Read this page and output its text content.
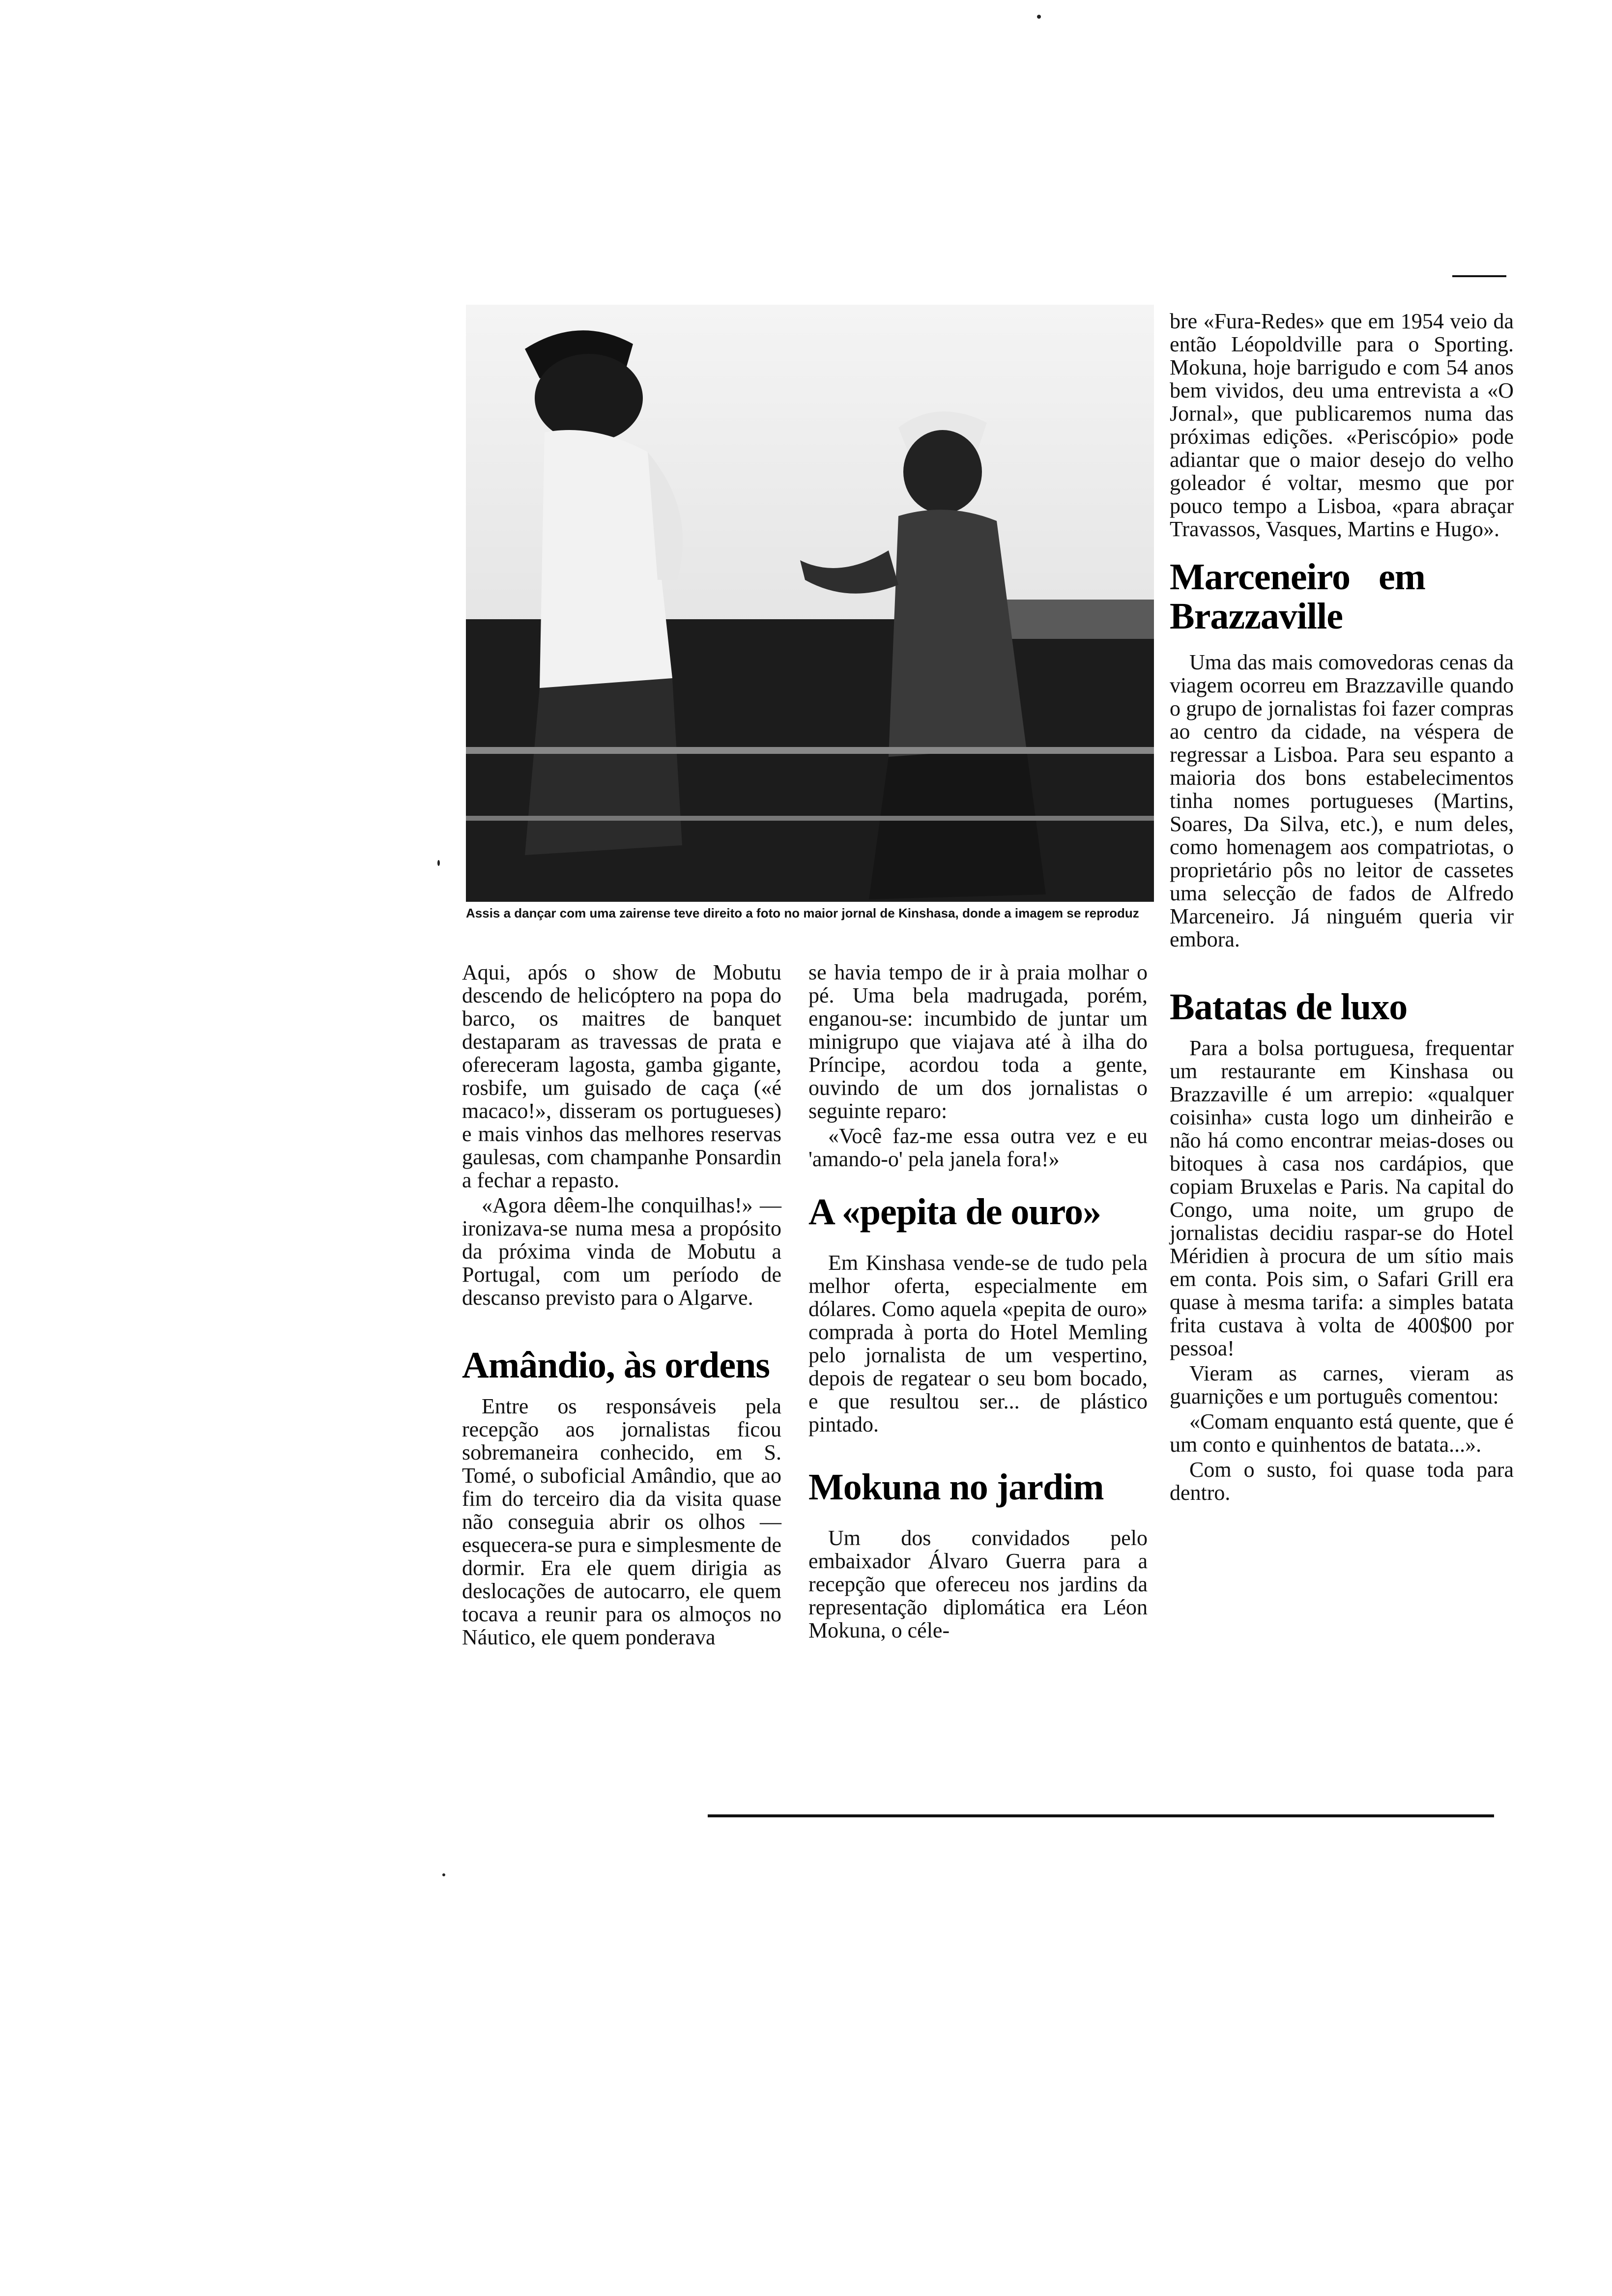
Assis a dançar com uma zairense teve direito a foto no maior jornal de Kinshasa, donde a imagem se reproduz

Aqui, após o show de Mobutu descendo de helicóptero na popa do barco, os maitres de banquet destaparam as travessas de prata e ofereceram lagosta, gamba gigante, rosbife, um guisado de caça («é macaco!», disseram os portugueses) e mais vinhos das melhores reservas gaulesas, com champanhe Ponsardin a fechar a repasto.

«Agora dêem-lhe conquilhas!» — ironizava-se numa mesa a propósito da próxima vinda de Mobutu a Portugal, com um período de descanso previsto para o Algarve.

Amândio, às ordens

Entre os responsáveis pela recepção aos jornalistas ficou sobremaneira conhecido, em S. Tomé, o suboficial Amândio, que ao fim do terceiro dia da visita quase não conseguia abrir os olhos — esquecera-se pura e simplesmente de dormir. Era ele quem dirigia as deslocações de autocarro, ele quem tocava a reunir para os almoços no Náutico, ele quem ponderava

se havia tempo de ir à praia molhar o pé. Uma bela madrugada, porém, enganou-se: incumbido de juntar um minigrupo que viajava até à ilha do Príncipe, acordou toda a gente, ouvindo de um dos jornalistas o seguinte reparo:

«Você faz-me essa outra vez e eu 'amando-o' pela janela fora!»

A «pepita de ouro»

Em Kinshasa vende-se de tudo pela melhor oferta, especialmente em dólares. Como aquela «pepita de ouro» comprada à porta do Hotel Memling pelo jornalista de um vespertino, depois de regatear o seu bom bocado, e que resultou ser... de plástico pintado.

Mokuna no jardim

Um dos convidados pelo embaixador Álvaro Guerra para a recepção que ofereceu nos jardins da representação diplomática era Léon Mokuna, o céle-

bre «Fura-Redes» que em 1954 veio da então Léopoldville para o Sporting. Mokuna, hoje barrigudo e com 54 anos bem vividos, deu uma entrevista a «O Jornal», que publicaremos numa das próximas edições. «Periscópio» pode adiantar que o maior desejo do velho goleador é voltar, mesmo que por pouco tempo a Lisboa, «para abraçar Travassos, Vasques, Martins e Hugo».

Marceneiro em Brazzaville

Uma das mais comovedoras cenas da viagem ocorreu em Brazzaville quando o grupo de jornalistas foi fazer compras ao centro da cidade, na véspera de regressar a Lisboa. Para seu espanto a maioria dos bons estabelecimentos tinha nomes portugueses (Martins, Soares, Da Silva, etc.), e num deles, como homenagem aos compatriotas, o proprietário pôs no leitor de cassetes uma selecção de fados de Alfredo Marceneiro. Já ninguém queria vir embora.

Batatas de luxo

Para a bolsa portuguesa, frequentar um restaurante em Kinshasa ou Brazzaville é um arrepio: «qualquer coisinha» custa logo um dinheirão e não há como encontrar meias-doses ou bitoques à casa nos cardápios, que copiam Bruxelas e Paris. Na capital do Congo, uma noite, um grupo de jornalistas decidiu raspar-se do Hotel Méridien à procura de um sítio mais em conta. Pois sim, o Safari Grill era quase à mesma tarifa: a simples batata frita custava à volta de 400$00 por pessoa!

Vieram as carnes, vieram as guarnições e um português comentou:

«Comam enquanto está quente, que é um conto e quinhentos de batata...».

Com o susto, foi quase toda para dentro.
